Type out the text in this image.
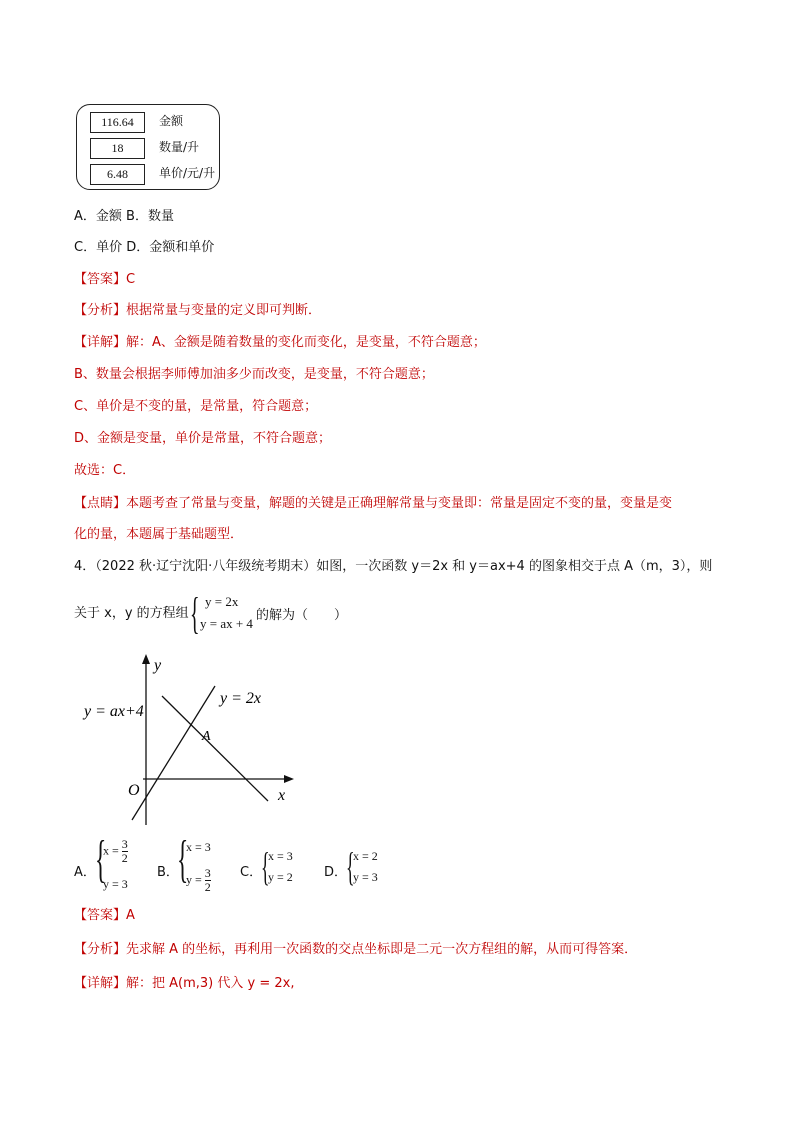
116.64	金额
18	数量/升
6.48	单价/元/升
A．金额 B．数量
C．单价 D．金额和单价
【答案】C
【分析】根据常量与变量的定义即可判断．
【详解】解：A、金额是随着数量的变化而变化，是变量，不符合题意；
B、数量会根据李师傅加油多少而改变，是变量，不符合题意；
C、单价是不变的量，是常量，符合题意；
D、金额是变量，单价是常量，不符合题意；
故选：C．
【点睛】本题考查了常量与变量，解题的关键是正确理解常量与变量即：常量是固定不变的量，变量是变
化的量，本题属于基础题型．
4．（2022 秋·辽宁沈阳·八年级统考期末）如图，一次函数 y＝2x 和 y＝ax+4 的图象相交于点 A（m，3），则
关于 x，y 的方程组 { y = 2x
y = ax + 4
的解为（　　）
y
x
O
A
y = 2x
y = ax+4
A． {
$x = \frac{3}{2}$
y = 3
B．
{
x = 3
$y = \frac{3}{2}$ C．
{
x = 3
y = 2 D．
{
x = 2
y = 3
【答案】A
【分析】先求解 A 的坐标，再利用一次函数的交点坐标即是二元一次方程组的解，从而可得答案．
【详解】解：把 A(m,3) 代入 y = 2x,
